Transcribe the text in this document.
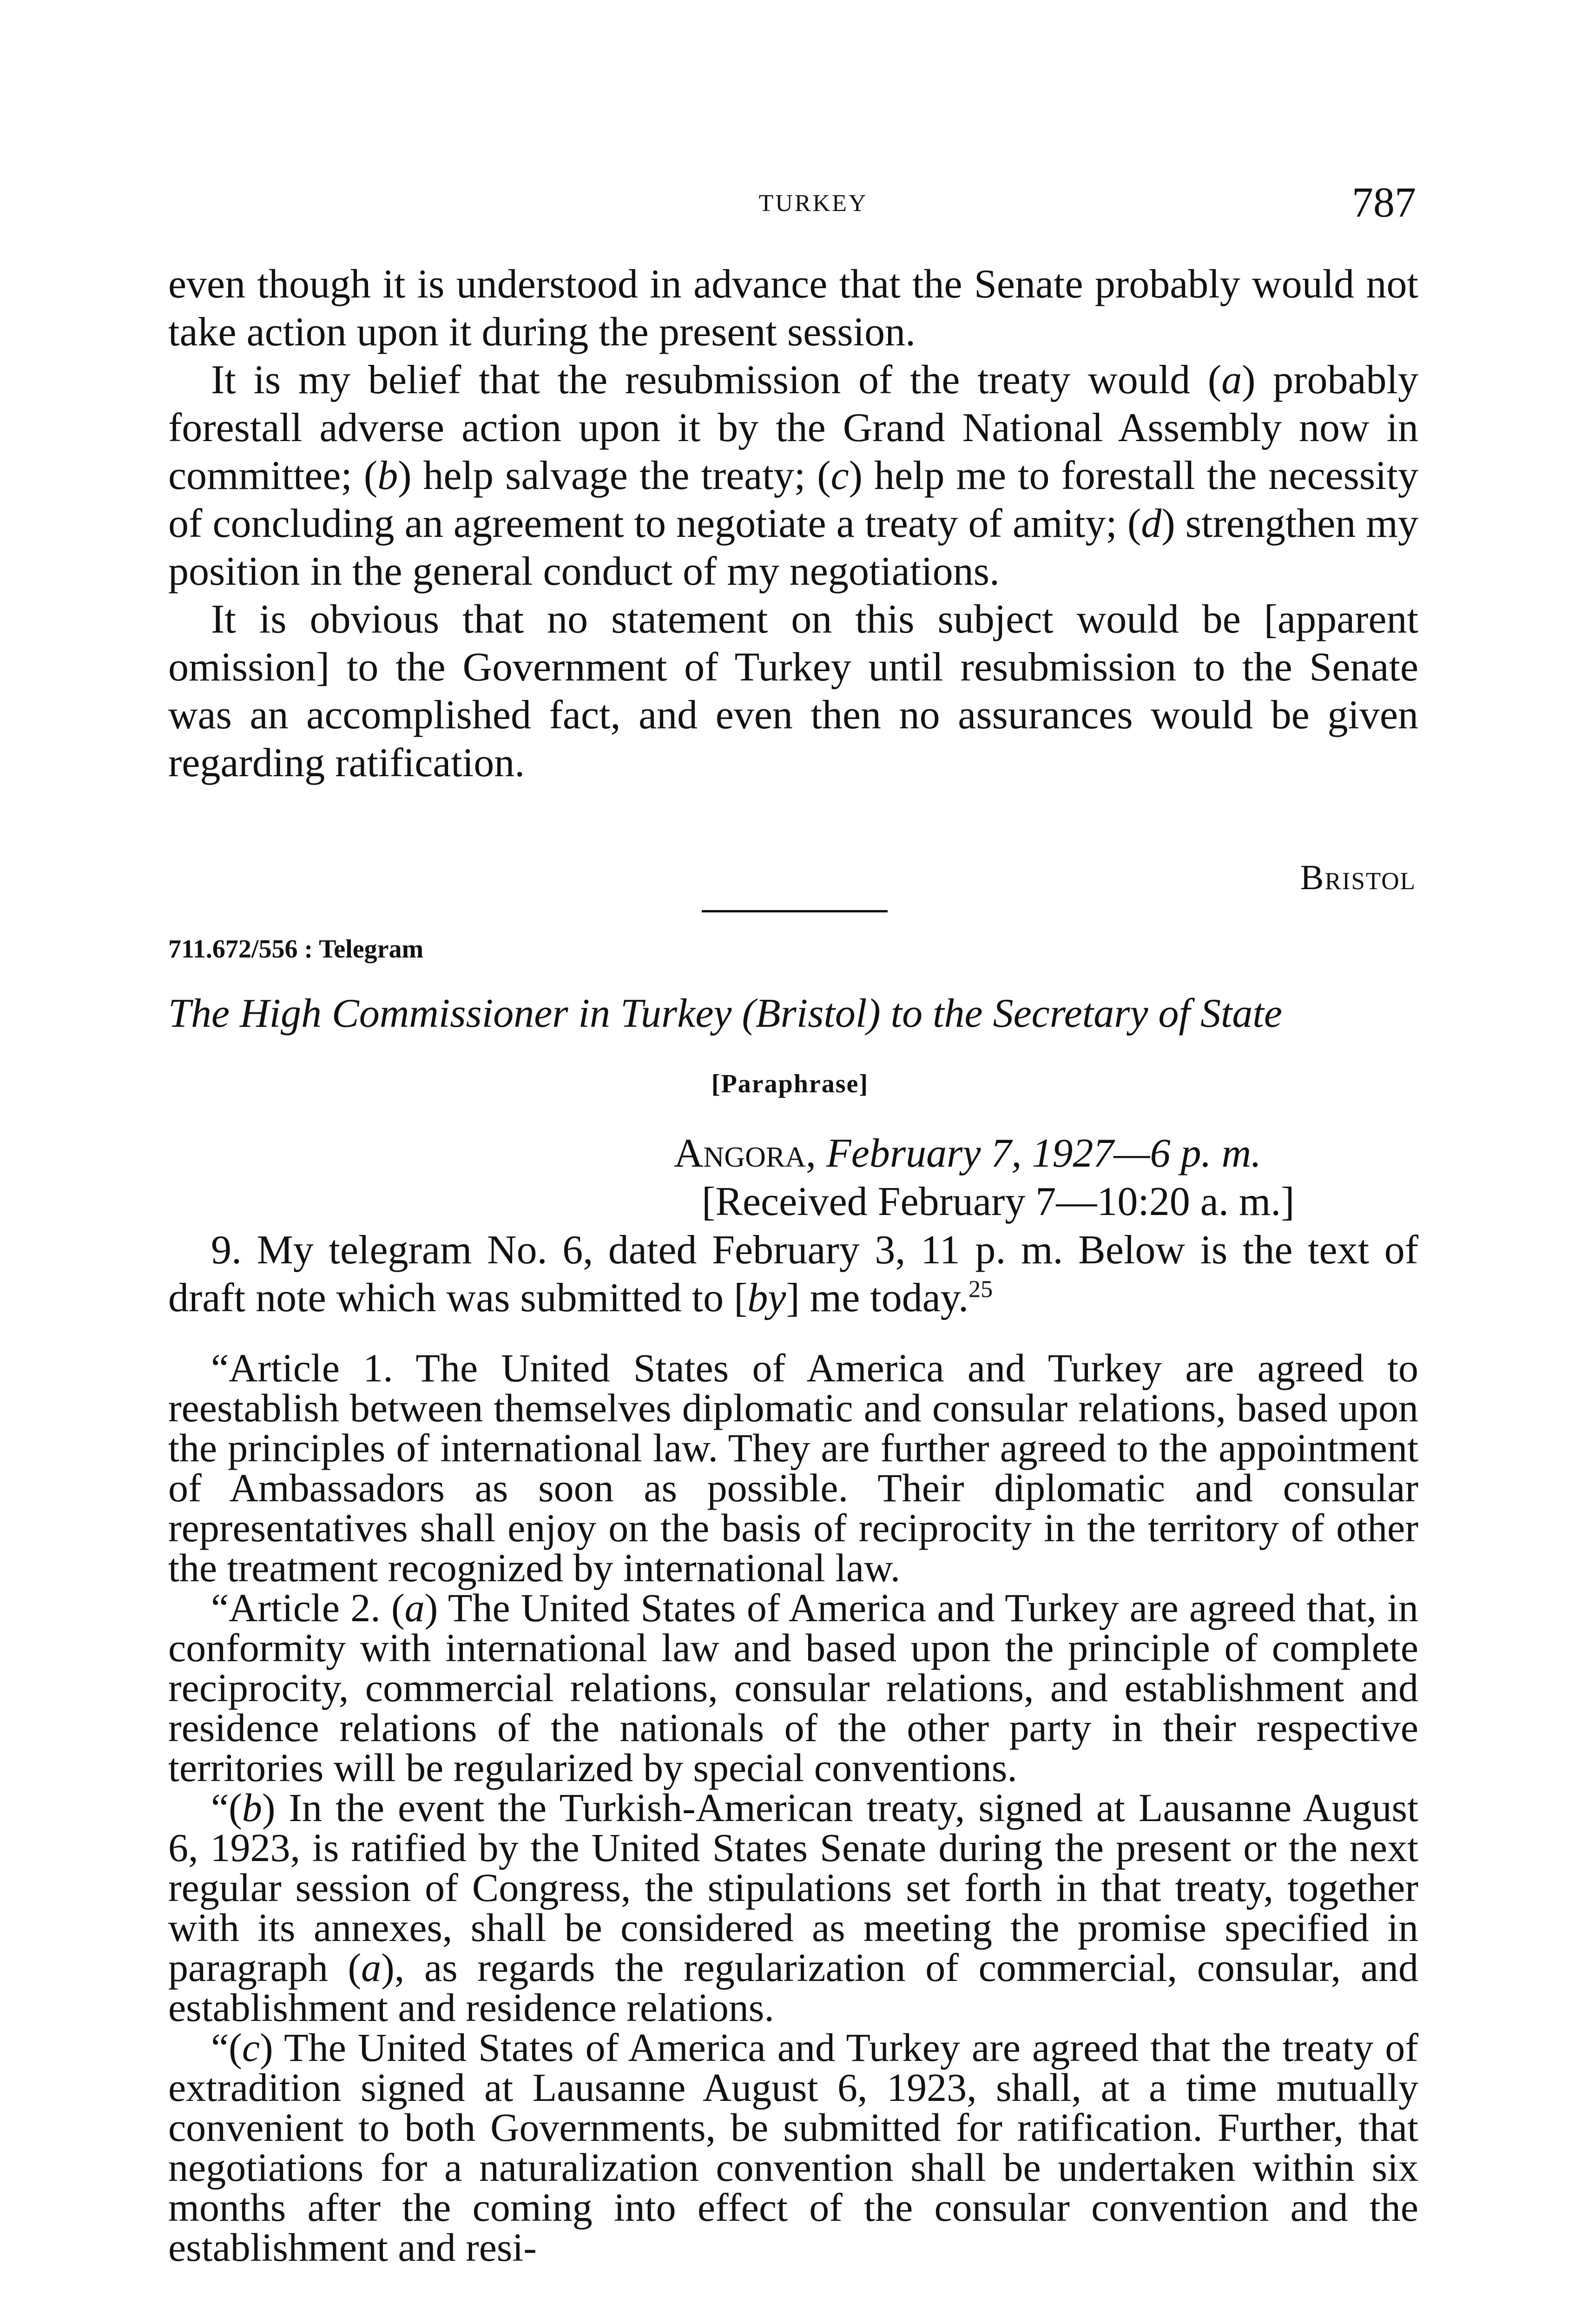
TURKEY	787

even though it is understood in advance that the Senate probably would not take action upon it during the present session.

It is my belief that the resubmission of the treaty would (a) probably forestall adverse action upon it by the Grand National Assembly now in committee; (b) help salvage the treaty; (c) help me to forestall the necessity of concluding an agreement to negotiate a treaty of amity; (d) strengthen my position in the general conduct of my negotiations.

It is obvious that no statement on this subject would be [apparent omission] to the Government of Turkey until resubmission to the Senate was an accomplished fact, and even then no assurances would be given regarding ratification.

Bristol
711.672/556 : Telegram
The High Commissioner in Turkey (Bristol) to the Secretary of State
[Paraphrase]
Angora, February 7, 1927—6 p. m.
[Received February 7—10:20 a. m.]

9. My telegram No. 6, dated February 3, 11 p. m. Below is the text of draft note which was submitted to [by] me today.$^{25}$

“Article 1. The United States of America and Turkey are agreed to reestablish between themselves diplomatic and consular relations, based upon the principles of international law. They are further agreed to the appointment of Ambassadors as soon as possible. Their diplomatic and consular representatives shall enjoy on the basis of reciprocity in the territory of other the treatment recognized by international law.

“Article 2. (a) The United States of America and Turkey are agreed that, in conformity with international law and based upon the principle of complete reciprocity, commercial relations, consular relations, and establishment and residence relations of the nationals of the other party in their respective territories will be regularized by special conventions.

“(b) In the event the Turkish-American treaty, signed at Lausanne August 6, 1923, is ratified by the United States Senate during the present or the next regular session of Congress, the stipulations set forth in that treaty, together with its annexes, shall be considered as meeting the promise specified in paragraph (a), as regards the regularization of commercial, consular, and establishment and residence relations.

“(c) The United States of America and Turkey are agreed that the treaty of extradition signed at Lausanne August 6, 1923, shall, at a time mutually convenient to both Governments, be submitted for ratification. Further, that negotiations for a naturalization convention shall be undertaken within six months after the coming into effect of the consular convention and the establishment and resi-
